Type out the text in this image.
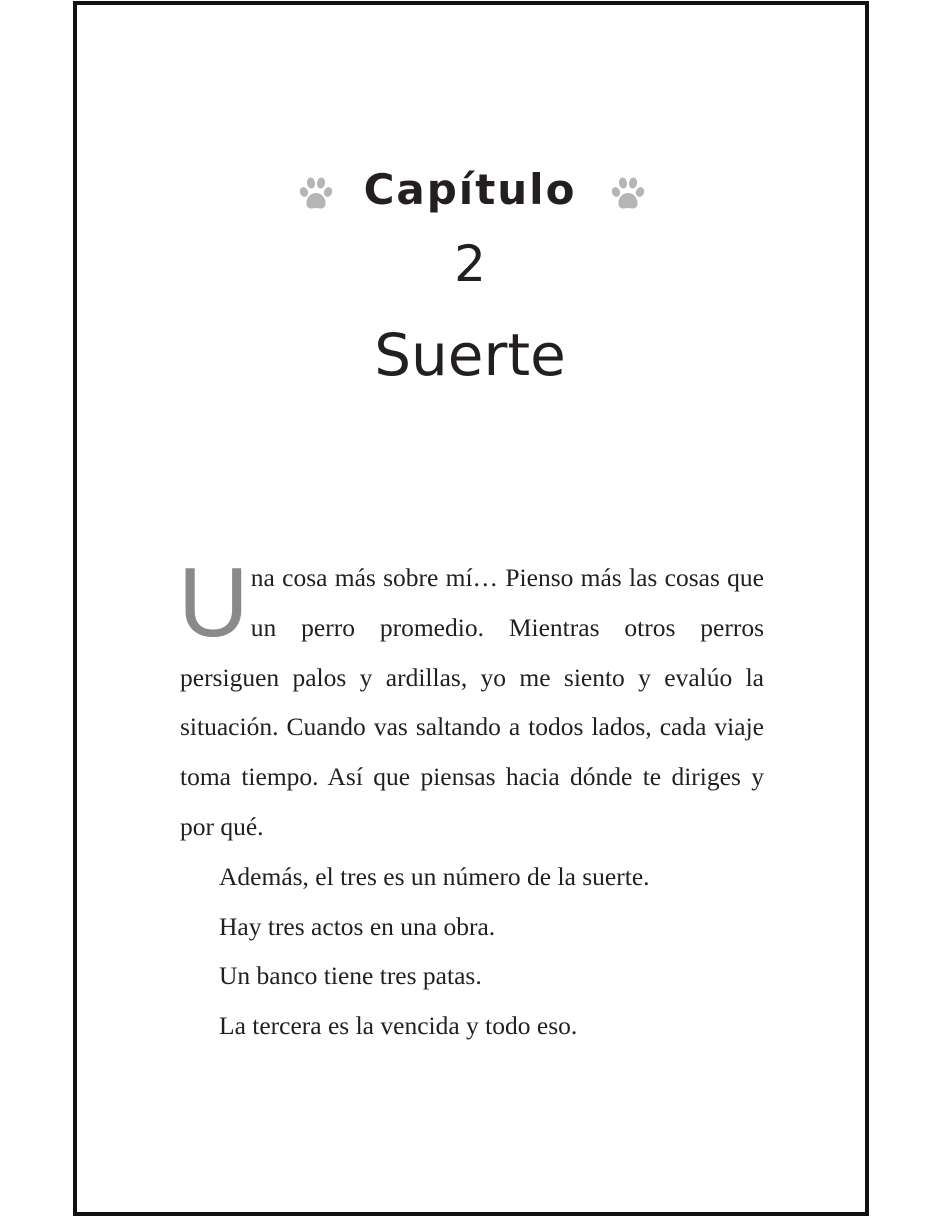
Capítulo
2
Suerte

Una cosa más sobre mí… Pienso más las cosas que un perro promedio. Mientras otros perros persiguen palos y ardillas, yo me siento y evalúo la situación. Cuando vas saltando a todos lados, cada viaje toma tiempo. Así que piensas hacia dónde te diriges y por qué.

Además, el tres es un número de la suerte.

Hay tres actos en una obra.

Un banco tiene tres patas.

La tercera es la vencida y todo eso.
